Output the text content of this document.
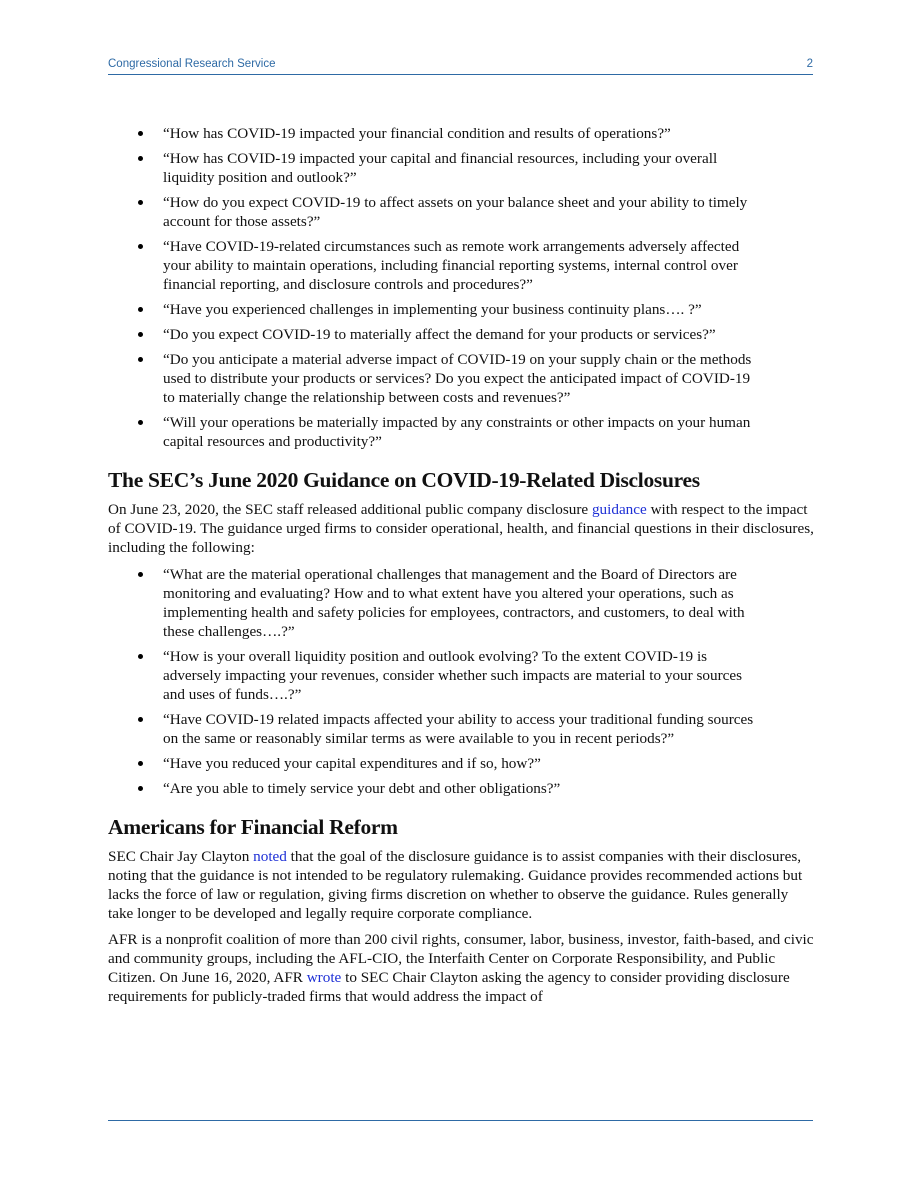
Congressional Research Service	2
“How has COVID-19 impacted your financial condition and results of operations?”
“How has COVID-19 impacted your capital and financial resources, including your overall liquidity position and outlook?”
“How do you expect COVID-19 to affect assets on your balance sheet and your ability to timely account for those assets?”
“Have COVID-19-related circumstances such as remote work arrangements adversely affected your ability to maintain operations, including financial reporting systems, internal control over financial reporting, and disclosure controls and procedures?”
“Have you experienced challenges in implementing your business continuity plans…. ?”
“Do you expect COVID-19 to materially affect the demand for your products or services?”
“Do you anticipate a material adverse impact of COVID-19 on your supply chain or the methods used to distribute your products or services? Do you expect the anticipated impact of COVID-19 to materially change the relationship between costs and revenues?”
“Will your operations be materially impacted by any constraints or other impacts on your human capital resources and productivity?”
The SEC’s June 2020 Guidance on COVID-19-Related Disclosures

On June 23, 2020, the SEC staff released additional public company disclosure guidance with respect to the impact of COVID-19. The guidance urged firms to consider operational, health, and financial questions in their disclosures, including the following:

“What are the material operational challenges that management and the Board of Directors are monitoring and evaluating? How and to what extent have you altered your operations, such as implementing health and safety policies for employees, contractors, and customers, to deal with these challenges….?”
“How is your overall liquidity position and outlook evolving? To the extent COVID-19 is adversely impacting your revenues, consider whether such impacts are material to your sources and uses of funds….?”
“Have COVID-19 related impacts affected your ability to access your traditional funding sources on the same or reasonably similar terms as were available to you in recent periods?”
“Have you reduced your capital expenditures and if so, how?”
“Are you able to timely service your debt and other obligations?”
Americans for Financial Reform

SEC Chair Jay Clayton noted that the goal of the disclosure guidance is to assist companies with their disclosures, noting that the guidance is not intended to be regulatory rulemaking. Guidance provides recommended actions but lacks the force of law or regulation, giving firms discretion on whether to observe the guidance. Rules generally take longer to be developed and legally require corporate compliance.

AFR is a nonprofit coalition of more than 200 civil rights, consumer, labor, business, investor, faith-based, and civic and community groups, including the AFL-CIO, the Interfaith Center on Corporate Responsibility, and Public Citizen. On June 16, 2020, AFR wrote to SEC Chair Clayton asking the agency to consider providing disclosure requirements for publicly-traded firms that would address the impact of
